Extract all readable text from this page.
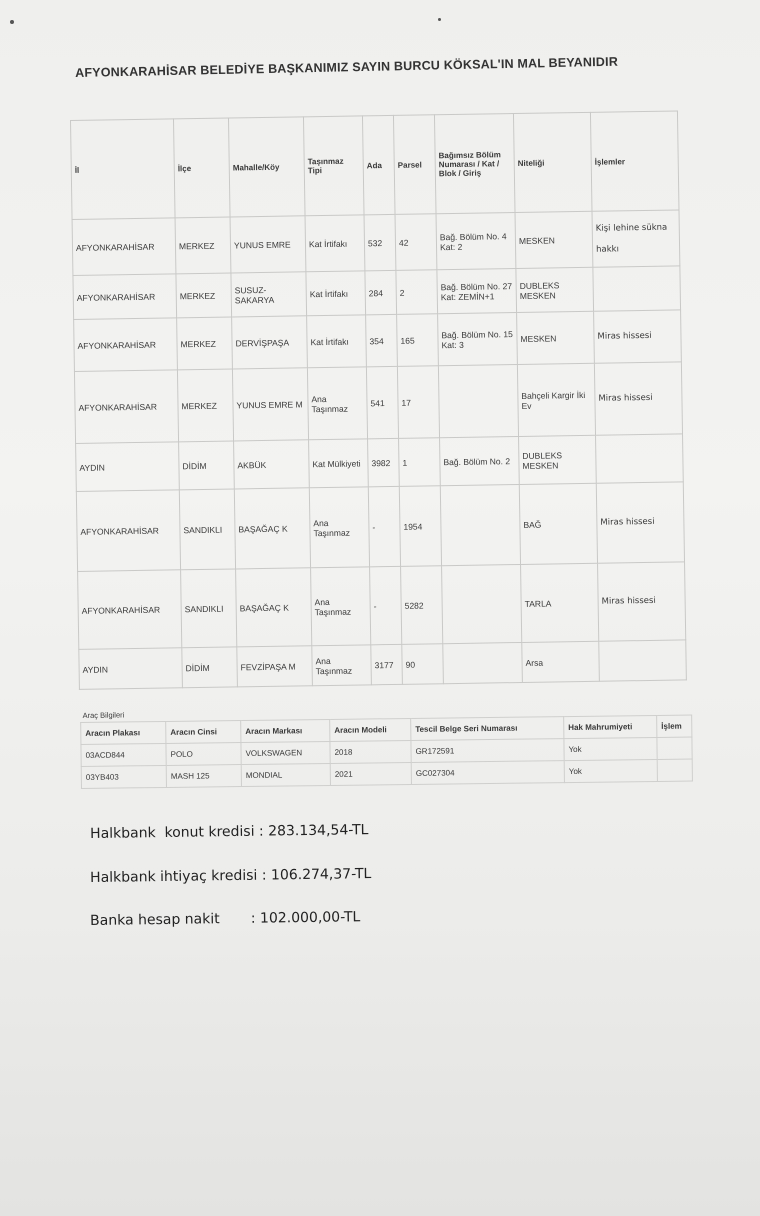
AFYONKARAHİSAR BELEDİYE BAŞKANIMIZ SAYIN BURCU KÖKSAL'IN MAL BEYANIDIR
İl	İlçe	Mahalle/Köy	Taşınmaz Tipi	Ada	Parsel	Bağımsız Bölüm Numarası / Kat / Blok / Giriş	Niteliği	İşlemler
AFYONKARAHİSAR	MERKEZ	YUNUS EMRE	Kat İrtifakı	532	42	Bağ. Bölüm No. 4 Kat: 2	MESKEN	Kişi lehine sükna hakkı
AFYONKARAHİSAR	MERKEZ	SUSUZ-SAKARYA	Kat İrtifakı	284	2	Bağ. Bölüm No. 27 Kat: ZEMİN+1	DUBLEKS MESKEN	
AFYONKARAHİSAR	MERKEZ	DERVİŞPAŞA	Kat İrtifakı	354	165	Bağ. Bölüm No. 15 Kat: 3	MESKEN	Miras hissesi
AFYONKARAHİSAR	MERKEZ	YUNUS EMRE M	Ana Taşınmaz	541	17		Bahçeli Kargir İki Ev	Miras hissesi
AYDIN	DİDİM	AKBÜK	Kat Mülkiyeti	3982	1	Bağ. Bölüm No. 2	DUBLEKS MESKEN	
AFYONKARAHİSAR	SANDIKLI	BAŞAĞAÇ K	Ana Taşınmaz	-	1954		BAĞ	Miras hissesi
AFYONKARAHİSAR	SANDIKLI	BAŞAĞAÇ K	Ana Taşınmaz	-	5282		TARLA	Miras hissesi
AYDIN	DİDİM	FEVZİPAŞA M	Ana Taşınmaz	3177	90		Arsa	
Araç Bilgileri						
Aracın Plakası	Aracın Cinsi	Aracın Markası	Aracın Modeli	Tescil Belge Seri Numarası	Hak Mahrumiyeti	İşlem
03ACD844	POLO	VOLKSWAGEN	2018	GR172591	Yok	
03YB403	MASH 125	MONDIAL	2021	GC027304	Yok	
Halkbank  konut kredisi : 283.134,54-TL
Halkbank ihtiyaç kredisi : 106.274,37-TL
Banka hesap nakit       : 102.000,00-TL
